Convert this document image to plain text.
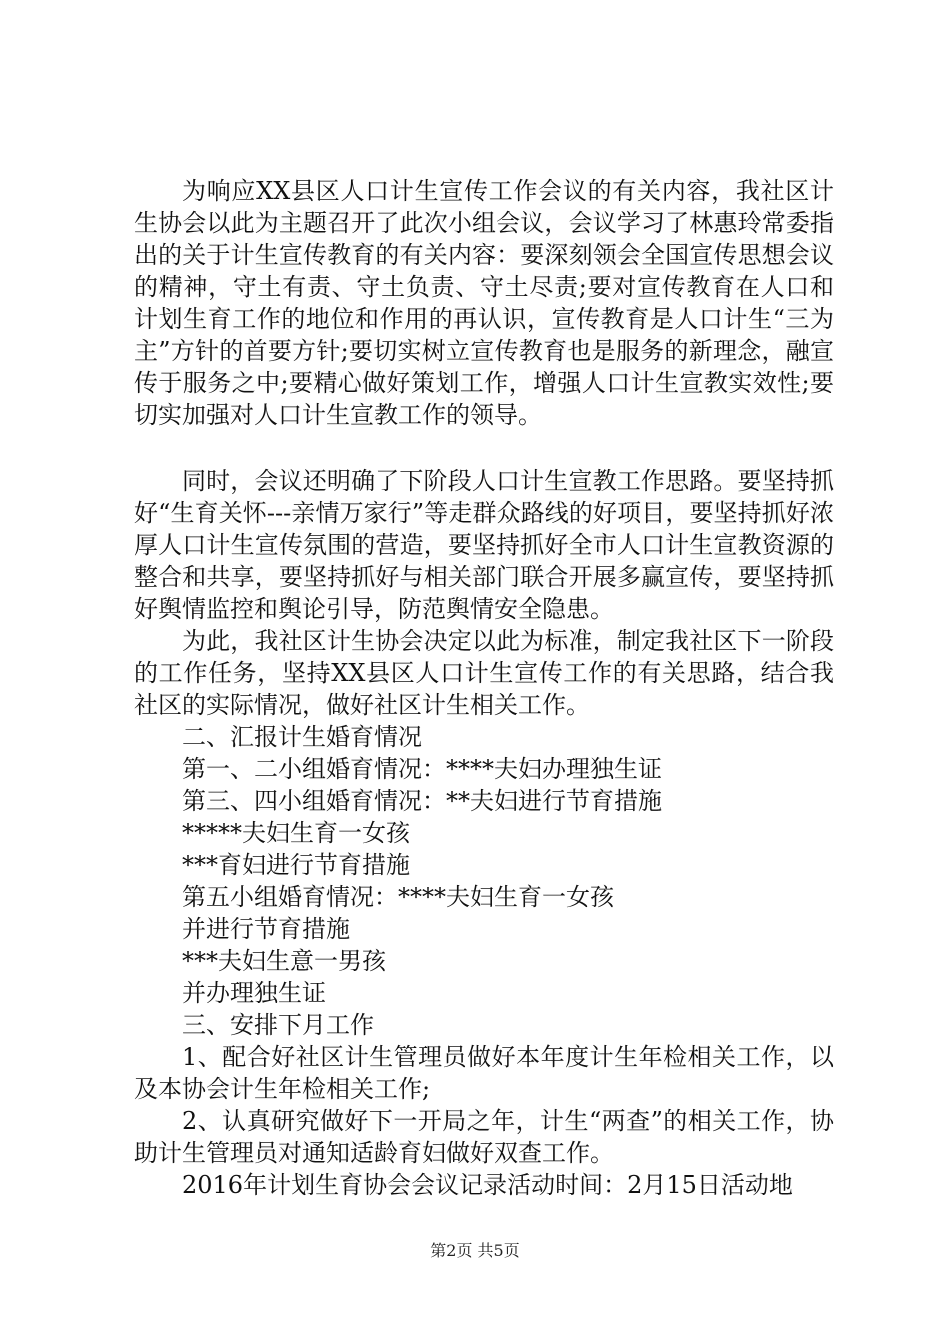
为响应XX县区人口计生宣传工作会议的有关内容，我社区计生协会以此为主题召开了此次小组会议，会议学习了林惠玲常委指出的关于计生宣传教育的有关内容：要深刻领会全国宣传思想会议的精神，守土有责、守土负责、守土尽责;要对宣传教育在人口和计划生育工作的地位和作用的再认识，宣传教育是人口计生“三为主”方针的首要方针;要切实树立宣传教育也是服务的新理念，融宣传于服务之中;要精心做好策划工作，增强人口计生宣教实效性;要切实加强对人口计生宣教工作的领导。

同时，会议还明确了下阶段人口计生宣教工作思路。要坚持抓好“生育关怀---亲情万家行”等走群众路线的好项目，要坚持抓好浓厚人口计生宣传氛围的营造，要坚持抓好全市人口计生宣教资源的整合和共享，要坚持抓好与相关部门联合开展多赢宣传，要坚持抓好舆情监控和舆论引导，防范舆情安全隐患。

为此，我社区计生协会决定以此为标准，制定我社区下一阶段的工作任务，坚持XX县区人口计生宣传工作的有关思路，结合我社区的实际情况，做好社区计生相关工作。

二、汇报计生婚育情况

第一、二小组婚育情况：****夫妇办理独生证

第三、四小组婚育情况：**夫妇进行节育措施

*****夫妇生育一女孩

***育妇进行节育措施

第五小组婚育情况：****夫妇生育一女孩

并进行节育措施

***夫妇生意一男孩

并办理独生证

三、安排下月工作

1、配合好社区计生管理员做好本年度计生年检相关工作，以及本协会计生年检相关工作;

2、认真研究做好下一开局之年，计生“两查”的相关工作，协助计生管理员对通知适龄育妇做好双查工作。

2016年计划生育协会会议记录活动时间：2月15日活动地

第2页 共5页
